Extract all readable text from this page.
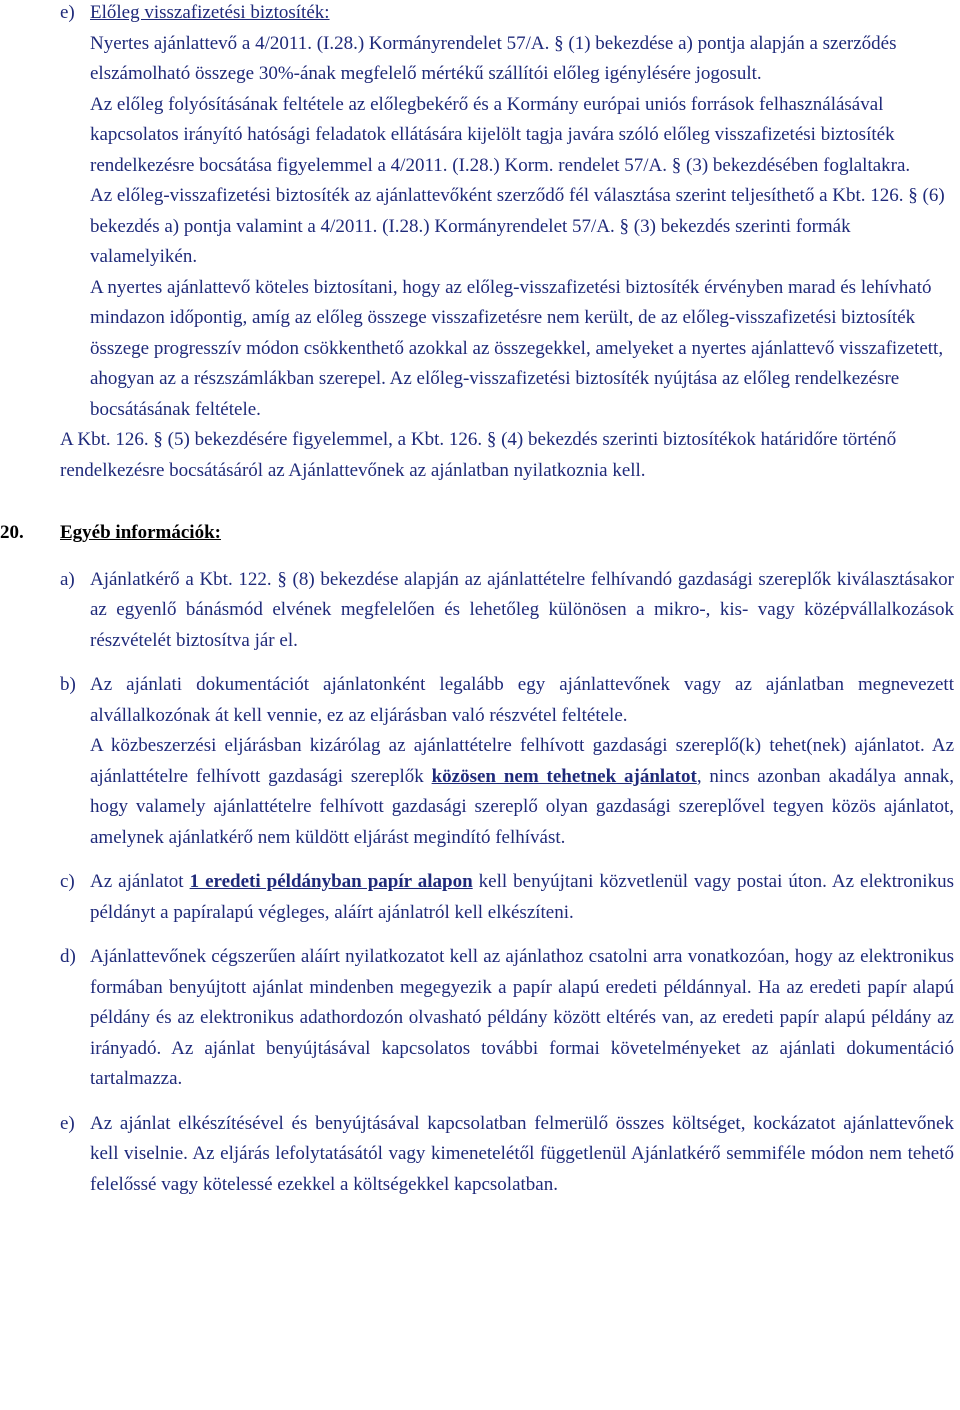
e) Előleg visszafizetési biztosíték:

Nyertes ajánlattevő a 4/2011. (I.28.) Kormányrendelet 57/A. § (1) bekezdése a) pontja alapján a szerződés elszámolható összege 30%-ának megfelelő mértékű szállítói előleg igénylésére jogosult.

Az előleg folyósításának feltétele az előlegbekérő és a Kormány európai uniós források felhasználásával kapcsolatos irányító hatósági feladatok ellátására kijelölt tagja javára szóló előleg visszafizetési biztosíték rendelkezésre bocsátása figyelemmel a 4/2011. (I.28.) Korm. rendelet 57/A. § (3) bekezdésében foglaltakra.

Az előleg-visszafizetési biztosíték az ajánlattevőként szerződő fél választása szerint teljesíthető a Kbt. 126. § (6) bekezdés a) pontja valamint a 4/2011. (I.28.) Kormányrendelet 57/A. § (3) bekezdés szerinti formák valamelyikén.

A nyertes ajánlattevő köteles biztosítani, hogy az előleg-visszafizetési biztosíték érvényben marad és lehívható mindazon időpontig, amíg az előleg összege visszafizetésre nem került, de az előleg-visszafizetési biztosíték összege progresszív módon csökkenthető azokkal az összegekkel, amelyeket a nyertes ajánlattevő visszafizetett, ahogyan az a részszámlákban szerepel. Az előleg-visszafizetési biztosíték nyújtása az előleg rendelkezésre bocsátásának feltétele.

A Kbt. 126. § (5) bekezdésére figyelemmel, a Kbt. 126. § (4) bekezdés szerinti biztosítékok határidőre történő rendelkezésre bocsátásáról az Ajánlattevőnek az ajánlatban nyilatkoznia kell.

20. Egyéb információk:
a) Ajánlatkérő a Kbt. 122. § (8) bekezdése alapján az ajánlattételre felhívandó gazdasági szereplők kiválasztásakor az egyenlő bánásmód elvének megfelelően és lehetőleg különösen a mikro-, kis- vagy középvállalkozások részvételét biztosítva jár el.

b) Az ajánlati dokumentációt ajánlatonként legalább egy ajánlattevőnek vagy az ajánlatban megnevezett alvállalkozónak át kell vennie, ez az eljárásban való részvétel feltétele.

A közbeszerzési eljárásban kizárólag az ajánlattételre felhívott gazdasági szereplő(k) tehet(nek) ajánlatot. Az ajánlattételre felhívott gazdasági szereplők közösen nem tehetnek ajánlatot, nincs azonban akadálya annak, hogy valamely ajánlattételre felhívott gazdasági szereplő olyan gazdasági szereplővel tegyen közös ajánlatot, amelynek ajánlatkérő nem küldött eljárást megindító felhívást.

c) Az ajánlatot 1 eredeti példányban papír alapon kell benyújtani közvetlenül vagy postai úton. Az elektronikus példányt a papíralapú végleges, aláírt ajánlatról kell elkészíteni.

d) Ajánlattevőnek cégszerűen aláírt nyilatkozatot kell az ajánlathoz csatolni arra vonatkozóan, hogy az elektronikus formában benyújtott ajánlat mindenben megegyezik a papír alapú eredeti példánnyal. Ha az eredeti papír alapú példány és az elektronikus adathordozón olvasható példány között eltérés van, az eredeti papír alapú példány az irányadó. Az ajánlat benyújtásával kapcsolatos további formai követelményeket az ajánlati dokumentáció tartalmazza.

e) Az ajánlat elkészítésével és benyújtásával kapcsolatban felmerülő összes költséget, kockázatot ajánlattevőnek kell viselnie. Az eljárás lefolytatásától vagy kimenetelétől függetlenül Ajánlatkérő semmiféle módon nem tehető felelőssé vagy kötelessé ezekkel a költségekkel kapcsolatban.
